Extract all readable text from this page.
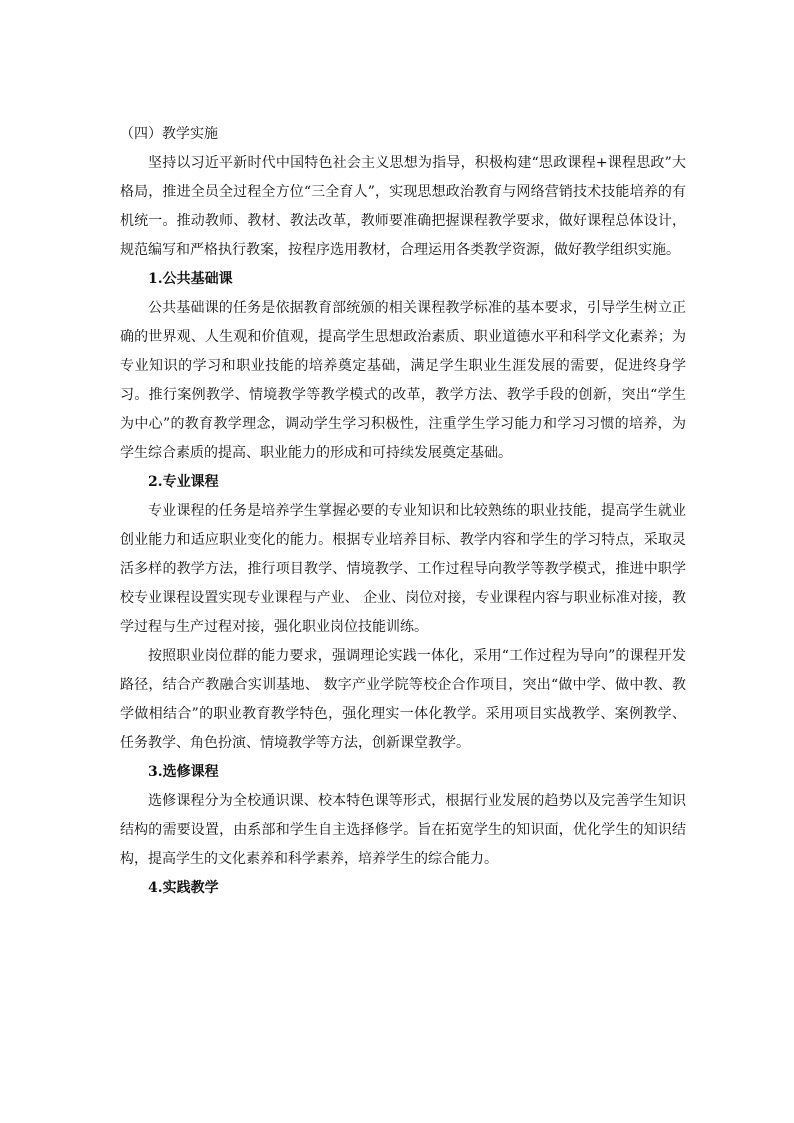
（四）教学实施

坚持以习近平新时代中国特色社会主义思想为指导，积极构建“思政课程+课程思政”大格局，推进全员全过程全方位“三全育人”，实现思想政治教育与网络营销技术技能培养的有机统一。推动教师、教材、教法改革，教师要准确把握课程教学要求，做好课程总体设计，规范编写和严格执行教案，按程序选用教材，合理运用各类教学资源，做好教学组织实施。

1.公共基础课

公共基础课的任务是依据教育部统颁的相关课程教学标准的基本要求，引导学生树立正确的世界观、人生观和价值观，提高学生思想政治素质、职业道德水平和科学文化素养；为专业知识的学习和职业技能的培养奠定基础，满足学生职业生涯发展的需要，促进终身学习。推行案例教学、情境教学等教学模式的改革，教学方法、教学手段的创新，突出“学生为中心”的教育教学理念，调动学生学习积极性，注重学生学习能力和学习习惯的培养，为学生综合素质的提高、职业能力的形成和可持续发展奠定基础。

2.专业课程

专业课程的任务是培养学生掌握必要的专业知识和比较熟练的职业技能，提高学生就业创业能力和适应职业变化的能力。根据专业培养目标、教学内容和学生的学习特点，采取灵活多样的教学方法，推行项目教学、情境教学、工作过程导向教学等教学模式，推进中职学校专业课程设置实现专业课程与产业、 企业、岗位对接，专业课程内容与职业标准对接，教学过程与生产过程对接，强化职业岗位技能训练。

按照职业岗位群的能力要求，强调理论实践一体化，采用“工作过程为导向”的课程开发路径，结合产教融合实训基地、 数字产业学院等校企合作项目，突出“做中学、做中教、教学做相结合”的职业教育教学特色，强化理实一体化教学。采用项目实战教学、案例教学、任务教学、角色扮演、情境教学等方法，创新课堂教学。

3.选修课程

选修课程分为全校通识课、校本特色课等形式，根据行业发展的趋势以及完善学生知识结构的需要设置，由系部和学生自主选择修学。旨在拓宽学生的知识面，优化学生的知识结构，提高学生的文化素养和科学素养，培养学生的综合能力。

4.实践教学
